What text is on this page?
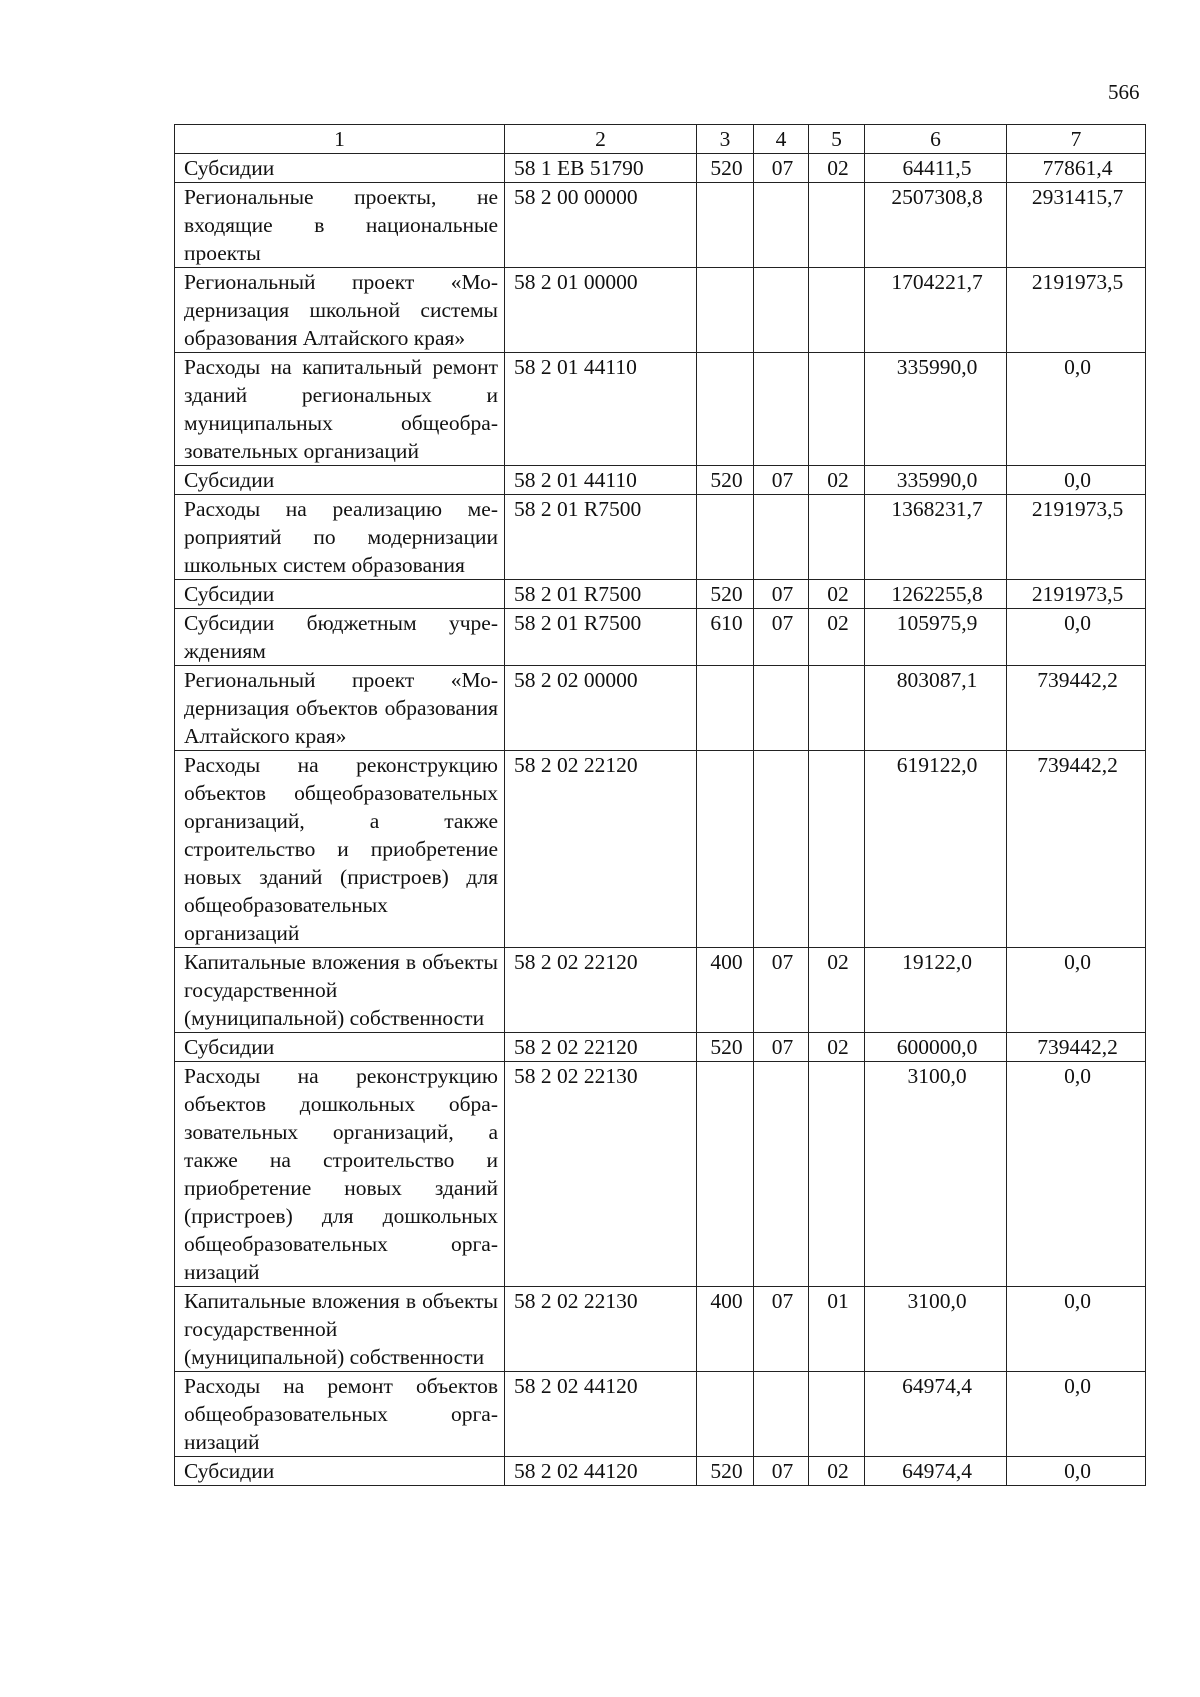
566
1	2	3	4	5	6	7
Субсидии	58 1 EВ 51790	520	07	02	64411,5	77861,4
Региональные проекты, не входящие в национальные проекты	58 2 00 00000				2507308,8	2931415,7
Региональный проект «Модернизация школьной системы образования Алтайского края»	58 2 01 00000				1704221,7	2191973,5
Расходы на капитальный ремонт зданий региональных и муниципальных общеобразовательных организаций	58 2 01 44110				335990,0	0,0
Субсидии	58 2 01 44110	520	07	02	335990,0	0,0
Расходы на реализацию мероприятий по модернизации школьных систем образования	58 2 01 R7500				1368231,7	2191973,5
Субсидии	58 2 01 R7500	520	07	02	1262255,8	2191973,5
Субсидии бюджетным учреждениям	58 2 01 R7500	610	07	02	105975,9	0,0
Региональный проект «Модернизация объектов образования Алтайского края»	58 2 02 00000				803087,1	739442,2
Расходы на реконструкцию объектов общеобразовательных организаций, а также строительство и приобретение новых зданий (пристроев) для общеобразовательных организаций	58 2 02 22120				619122,0	739442,2
Капитальные вложения в объекты государственной (муниципальной) собственности	58 2 02 22120	400	07	02	19122,0	0,0
Субсидии	58 2 02 22120	520	07	02	600000,0	739442,2
Расходы на реконструкцию объектов дошкольных образовательных организаций, а также на строительство и приобретение новых зданий (пристроев) для дошкольных общеобразовательных организаций	58 2 02 22130				3100,0	0,0
Капитальные вложения в объекты государственной (муниципальной) собственности	58 2 02 22130	400	07	01	3100,0	0,0
Расходы на ремонт объектов общеобразовательных организаций	58 2 02 44120				64974,4	0,0
Субсидии	58 2 02 44120	520	07	02	64974,4	0,0
